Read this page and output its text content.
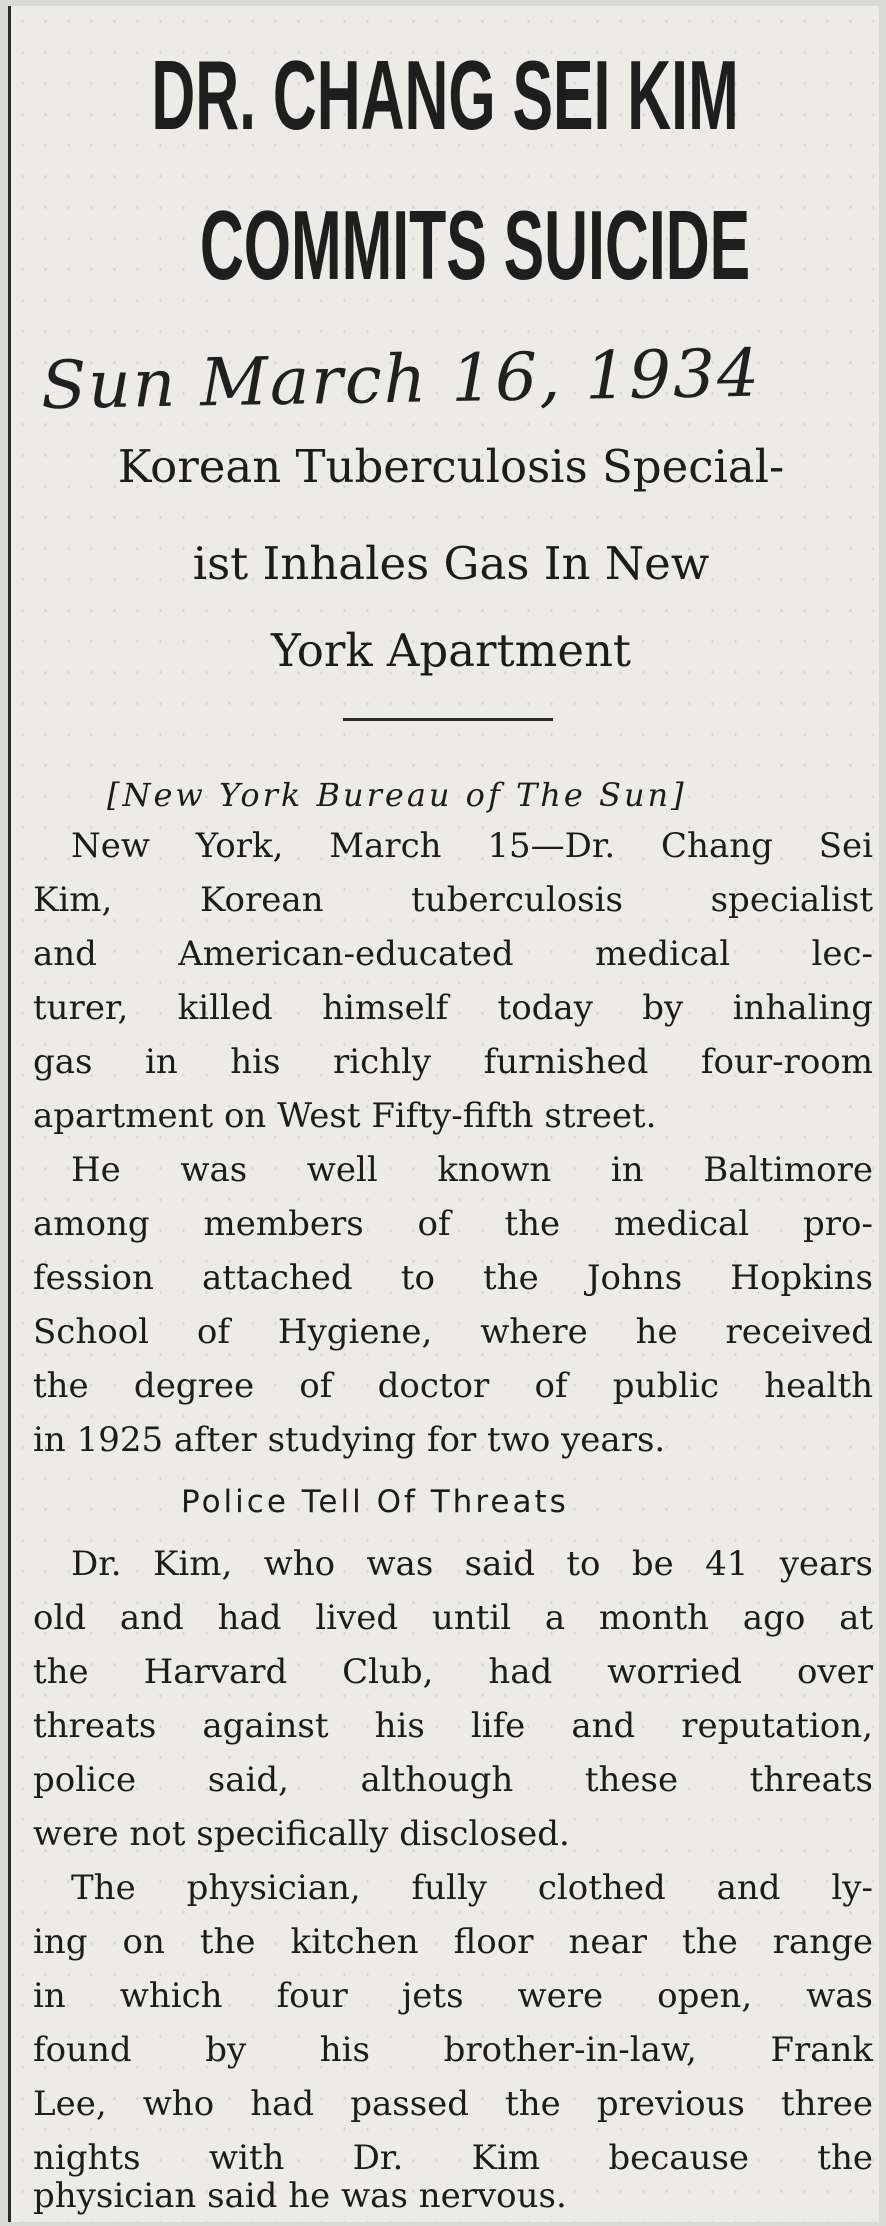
DR. CHANG SEI KIM
COMMITS SUICIDE
Sun March 16, 1934
Korean Tuberculosis Special-
ist Inhales Gas In New
York Apartment
[New York Bureau of The Sun]
New York, March 15—Dr. Chang Sei
Kim, Korean tuberculosis specialist
and American-educated medical lec-
turer, killed himself today by inhaling
gas in his richly furnished four-room
apartment on West Fifty-fifth street.
He was well known in Baltimore
among members of the medical pro-
fession attached to the Johns Hopkins
School of Hygiene, where he received
the degree of doctor of public health
in 1925 after studying for two years.
Police Tell Of Threats
Dr. Kim, who was said to be 41 years
old and had lived until a month ago at
the Harvard Club, had worried over
threats against his life and reputation,
police said, although these threats
were not specifically disclosed.
The physician, fully clothed and ly-
ing on the kitchen floor near the range
in which four jets were open, was
found by his brother-in-law, Frank
Lee, who had passed the previous three
nights with Dr. Kim because the
physician said he was nervous.
